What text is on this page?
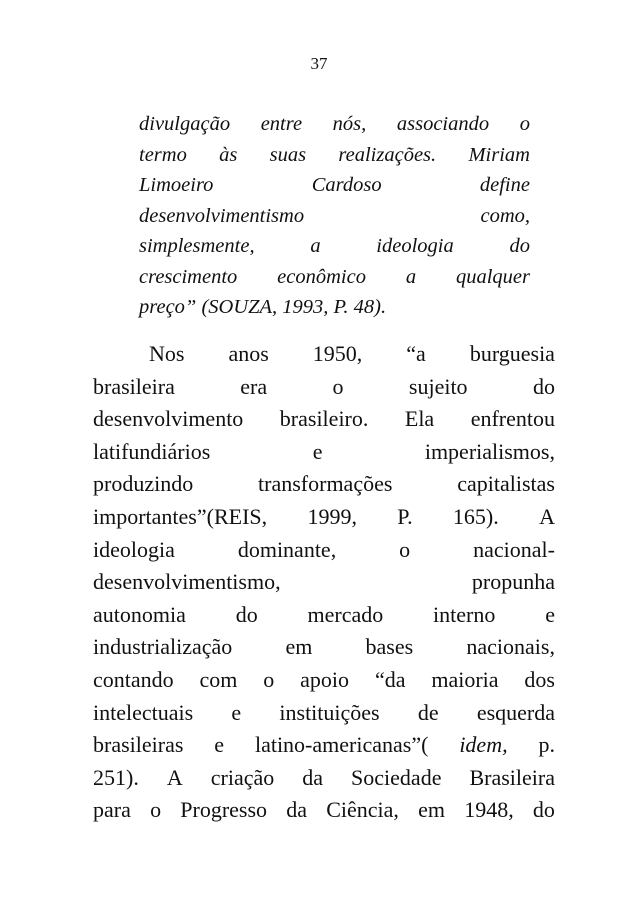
37
divulgação entre nós, associando o
termo às suas realizações. Miriam
Limoeiro	Cardoso	define
desenvolvimentismo	como,
simplesmente,	a	ideologia	do
crescimento econômico a qualquer
preço” (SOUZA, 1993, P. 48).
Nos anos 1950, “a burguesia
brasileira	era	o	sujeito	do
desenvolvimento brasileiro. Ela enfrentou
latifundiários	e	imperialismos,
produzindo	transformações	capitalistas
importantes”(REIS, 1999, P. 165). A
ideologia	dominante,	o	nacional-
desenvolvimentismo,	propunha
autonomia do mercado interno e
industrialização em bases nacionais,
contando com o apoio “da maioria dos
intelectuais e instituições de esquerda
brasileiras e latino-americanas”( idem, p.
251). A criação da Sociedade Brasileira
para o Progresso da Ciência, em 1948, do
